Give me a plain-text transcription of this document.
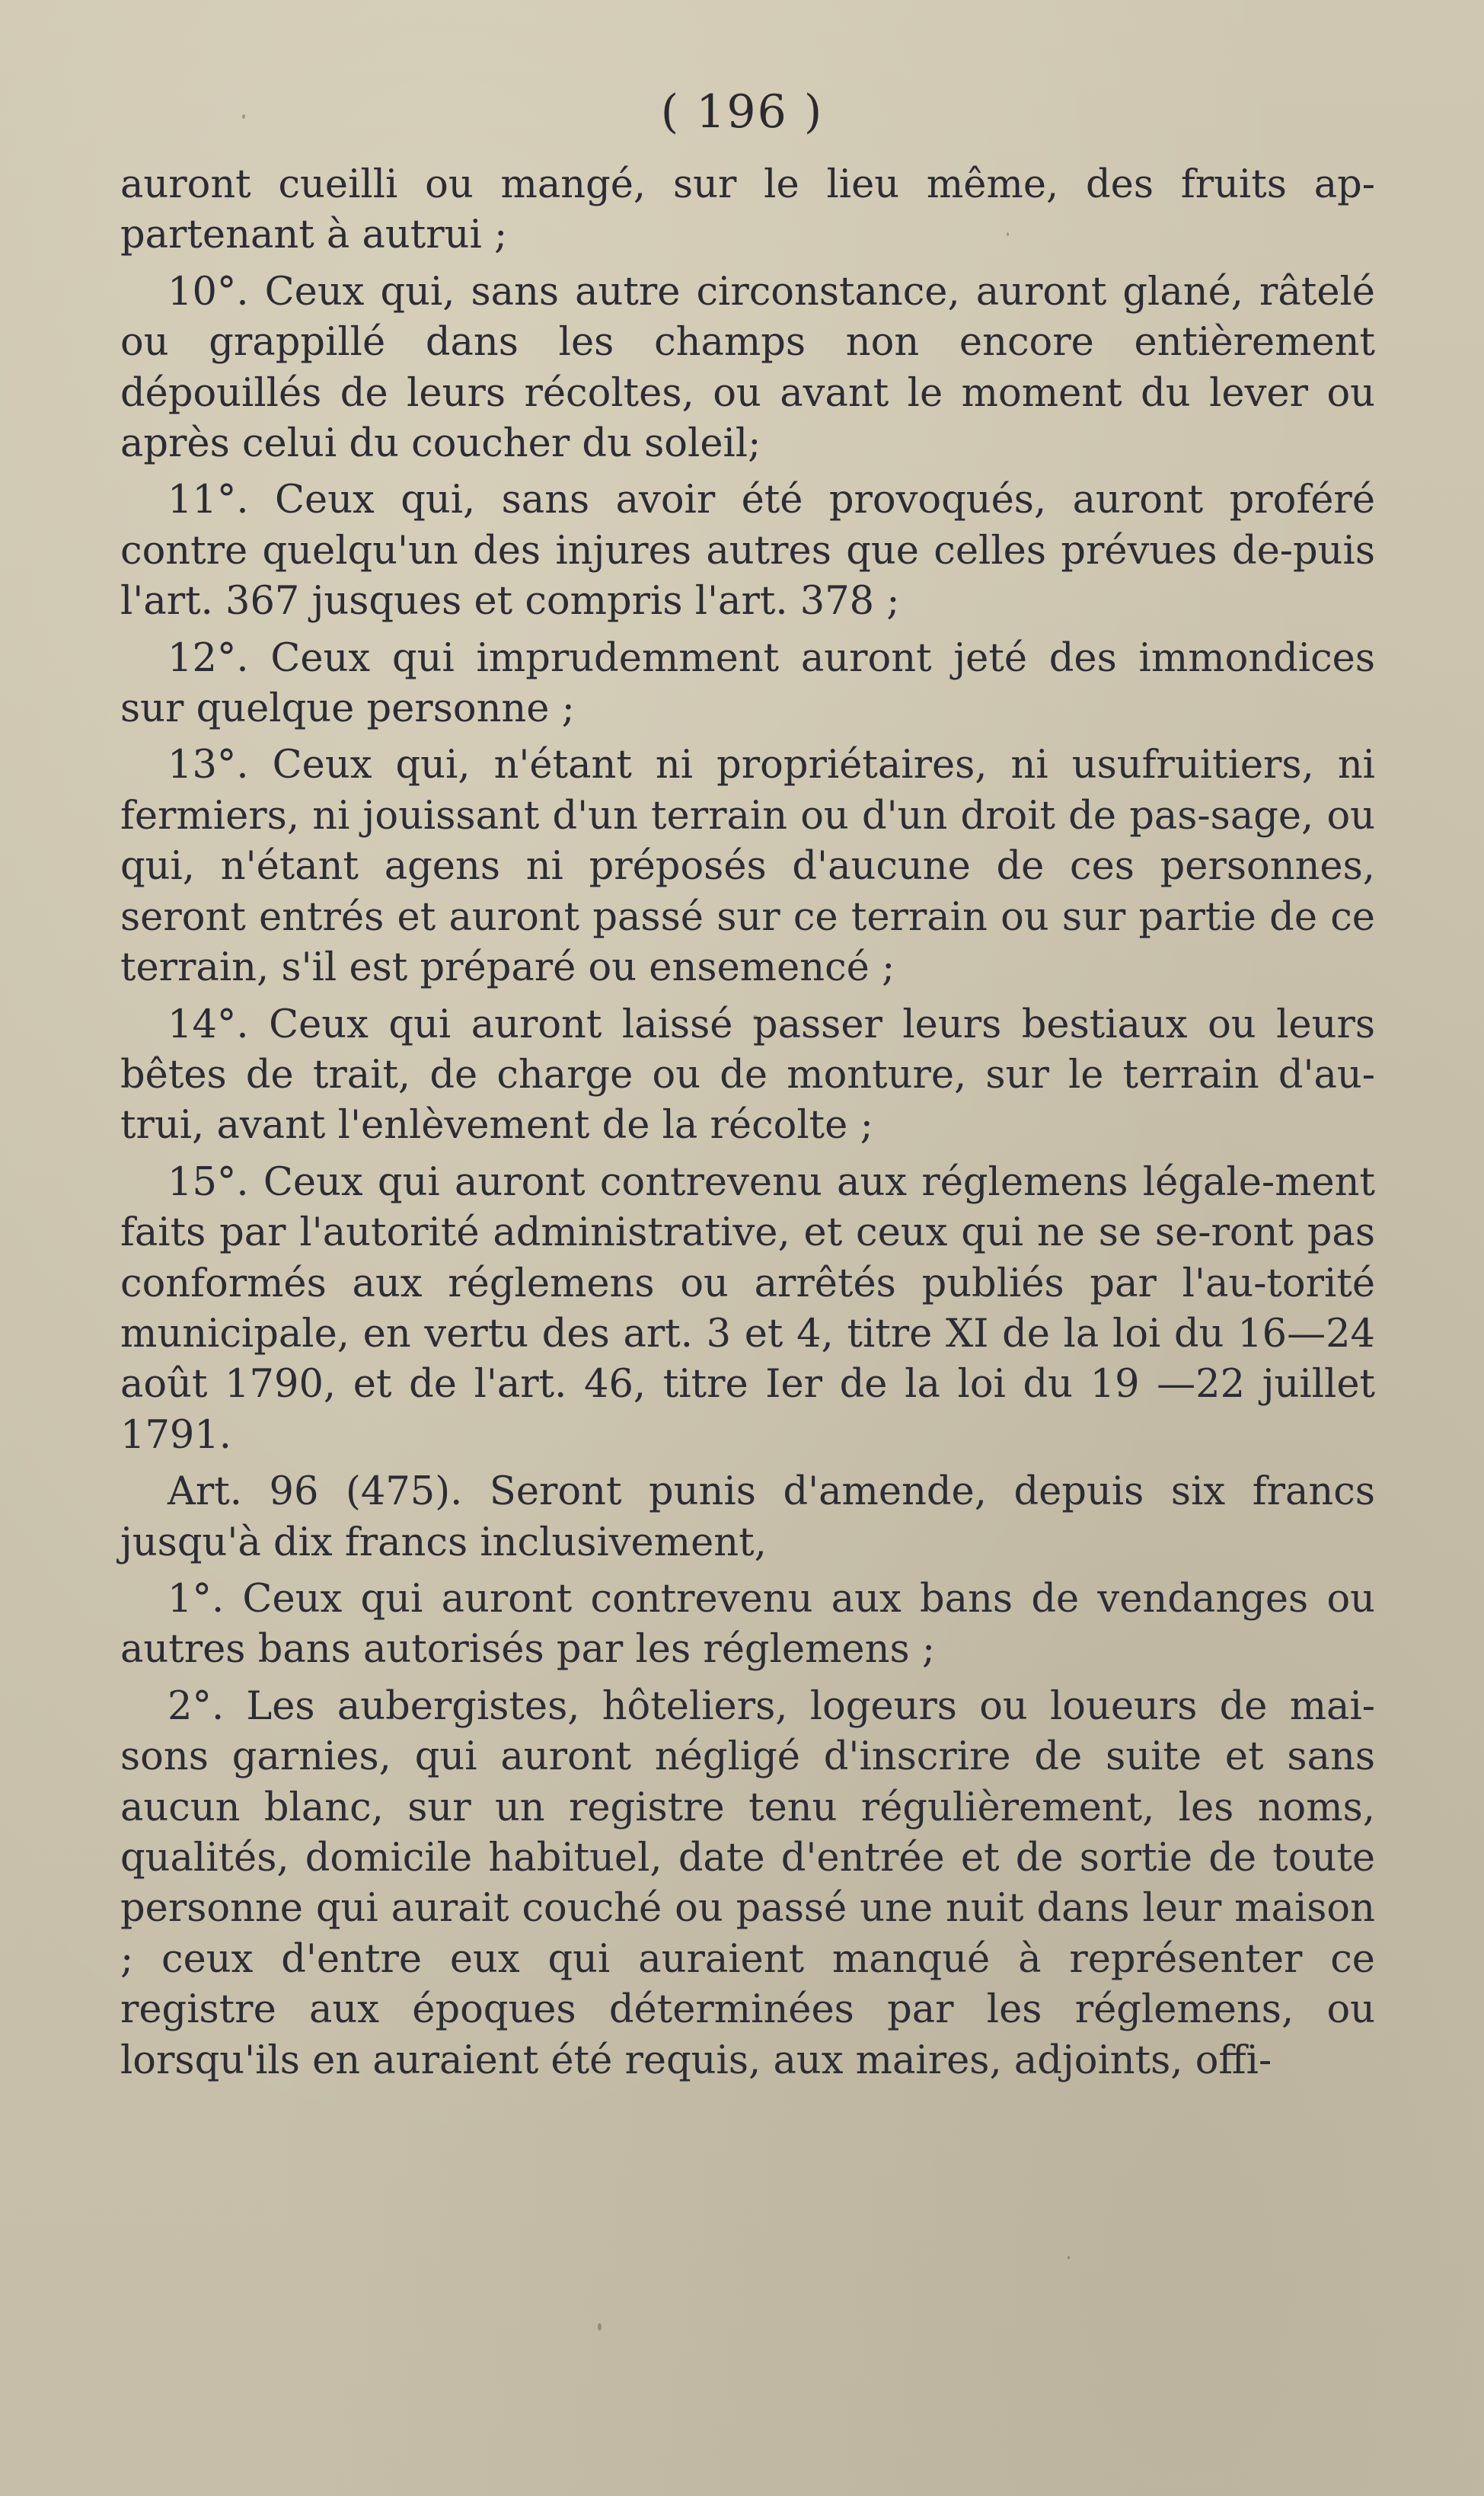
( 196 )

auront cueilli ou mangé, sur le lieu même, des fruits ap-partenant à autrui ;

10°. Ceux qui, sans autre circonstance, auront glané, râtelé ou grappillé dans les champs non encore entièrement dépouillés de leurs récoltes, ou avant le moment du lever ou après celui du coucher du soleil;

11°. Ceux qui, sans avoir été provoqués, auront proféré contre quelqu'un des injures autres que celles prévues de-puis l'art. 367 jusques et compris l'art. 378 ;

12°. Ceux qui imprudemment auront jeté des immondices sur quelque personne ;

13°. Ceux qui, n'étant ni propriétaires, ni usufruitiers, ni fermiers, ni jouissant d'un terrain ou d'un droit de pas-sage, ou qui, n'étant agens ni préposés d'aucune de ces personnes, seront entrés et auront passé sur ce terrain ou sur partie de ce terrain, s'il est préparé ou ensemencé ;

14°. Ceux qui auront laissé passer leurs bestiaux ou leurs bêtes de trait, de charge ou de monture, sur le terrain d'au-trui, avant l'enlèvement de la récolte ;

15°. Ceux qui auront contrevenu aux réglemens légale-ment faits par l'autorité administrative, et ceux qui ne se se-ront pas conformés aux réglemens ou arrêtés publiés par l'au-torité municipale, en vertu des art. 3 et 4, titre XI de la loi du 16—24 août 1790, et de l'art. 46, titre Ier de la loi du 19 —22 juillet 1791.

Art. 96 (475). Seront punis d'amende, depuis six francs jusqu'à dix francs inclusivement,

1°. Ceux qui auront contrevenu aux bans de vendanges ou autres bans autorisés par les réglemens ;

2°. Les aubergistes, hôteliers, logeurs ou loueurs de mai-sons garnies, qui auront négligé d'inscrire de suite et sans aucun blanc, sur un registre tenu régulièrement, les noms, qualités, domicile habituel, date d'entrée et de sortie de toute personne qui aurait couché ou passé une nuit dans leur maison ; ceux d'entre eux qui auraient manqué à représenter ce registre aux époques déterminées par les réglemens, ou lorsqu'ils en auraient été requis, aux maires, adjoints, offi-
